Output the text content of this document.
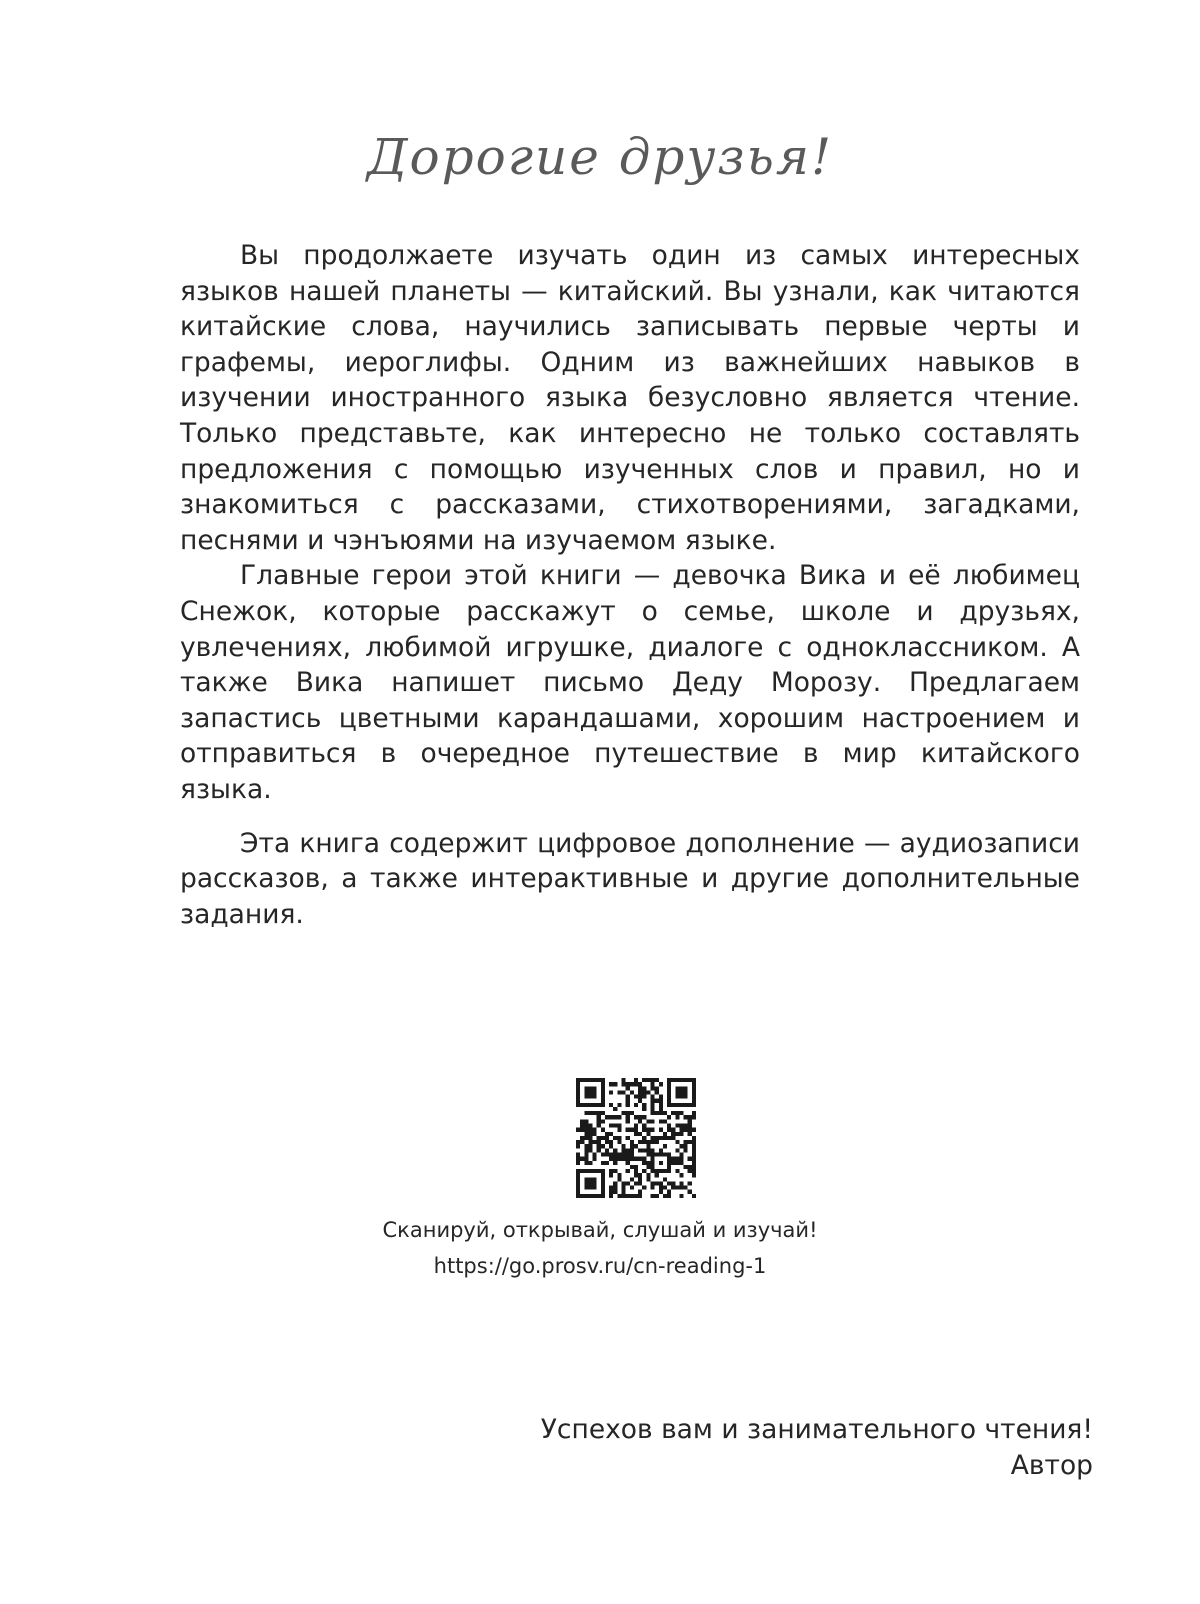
Дорогие друзья!

Вы продолжаете изучать один из самых интересных языков нашей планеты — китайский. Вы узнали, как читаются китайские слова, научились записывать первые черты и графемы, иероглифы. Одним из важнейших навыков в изучении иностранного языка безусловно является чтение. Только представьте, как интересно не только составлять предложения с помощью изученных слов и правил, но и знакомиться с рассказами, стихотворениями, загадками, песнями и чэнъюями на изучаемом языке.

Главные герои этой книги — девочка Вика и её любимец Снежок, которые расскажут о семье, школе и друзьях, увлечениях, любимой игрушке, диалоге с одноклассником. А также Вика напишет письмо Деду Морозу. Предлагаем запастись цветными карандашами, хорошим настроением и отправиться в очередное путешествие в мир китайского языка.

Эта книга содержит цифровое дополнение — аудиозаписи рассказов, а также интерактивные и другие дополнительные задания.

Сканируй, открывай, слушай и изучай!
https://go.prosv.ru/cn-reading-1
Успехов вам и занимательного чтения!
Автор
